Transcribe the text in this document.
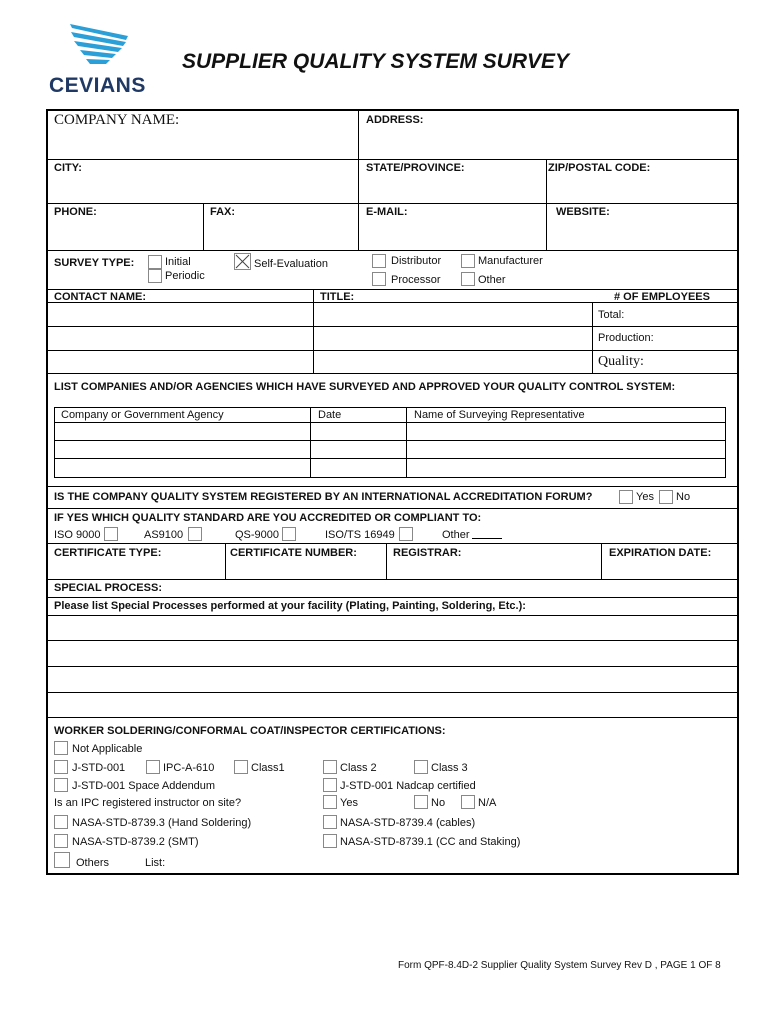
CEVIANS
SUPPLIER QUALITY SYSTEM SURVEY
COMPANY NAME:	ADDRESS:
CITY:	STATE/PROVINCE:	ZIP/POSTAL CODE:
PHONE:	FAX:	E-MAIL:	WEBSITE:
SURVEY TYPE:	Initial
Periodic
Self-Evaluation	Distributor
Processor
Manufacturer
Other
CONTACT NAME:	TITLE:	# OF EMPLOYEES
Total:
Production:
Quality:
LIST COMPANIES AND/OR AGENCIES WHICH HAVE SURVEYED AND APPROVED YOUR QUALITY CONTROL SYSTEM:
Company or Government Agency	Date	Name of Surveying Representative
IS THE COMPANY QUALITY SYSTEM REGISTERED BY AN INTERNATIONAL ACCREDITATION FORUM?	Yes No
IF YES WHICH QUALITY STANDARD ARE YOU ACCREDITED OR COMPLIANT TO:
ISO 9000	AS9100	QS-9000	ISO/TS 16949	Other
CERTIFICATE TYPE:	CERTIFICATE NUMBER:	REGISTRAR:	EXPIRATION DATE:
SPECIAL PROCESS:
Please list Special Processes performed at your facility (Plating, Painting, Soldering, Etc.):
WORKER SOLDERING/CONFORMAL COAT/INSPECTOR CERTIFICATIONS:
Not Applicable
J-STD-001	IPC-A-610	Class1	Class 2	Class 3
J-STD-001 Space Addendum	J-STD-001 Nadcap certified
Is an IPC registered instructor on site?	Yes	No	N/A
NASA-STD-8739.3 (Hand Soldering)	NASA-STD-8739.4 (cables)
NASA-STD-8739.2 (SMT)	NASA-STD-8739.1 (CC and Staking)
Others	List:
Form QPF-8.4D-2 Supplier Quality System Survey Rev D , PAGE 1 OF 8
